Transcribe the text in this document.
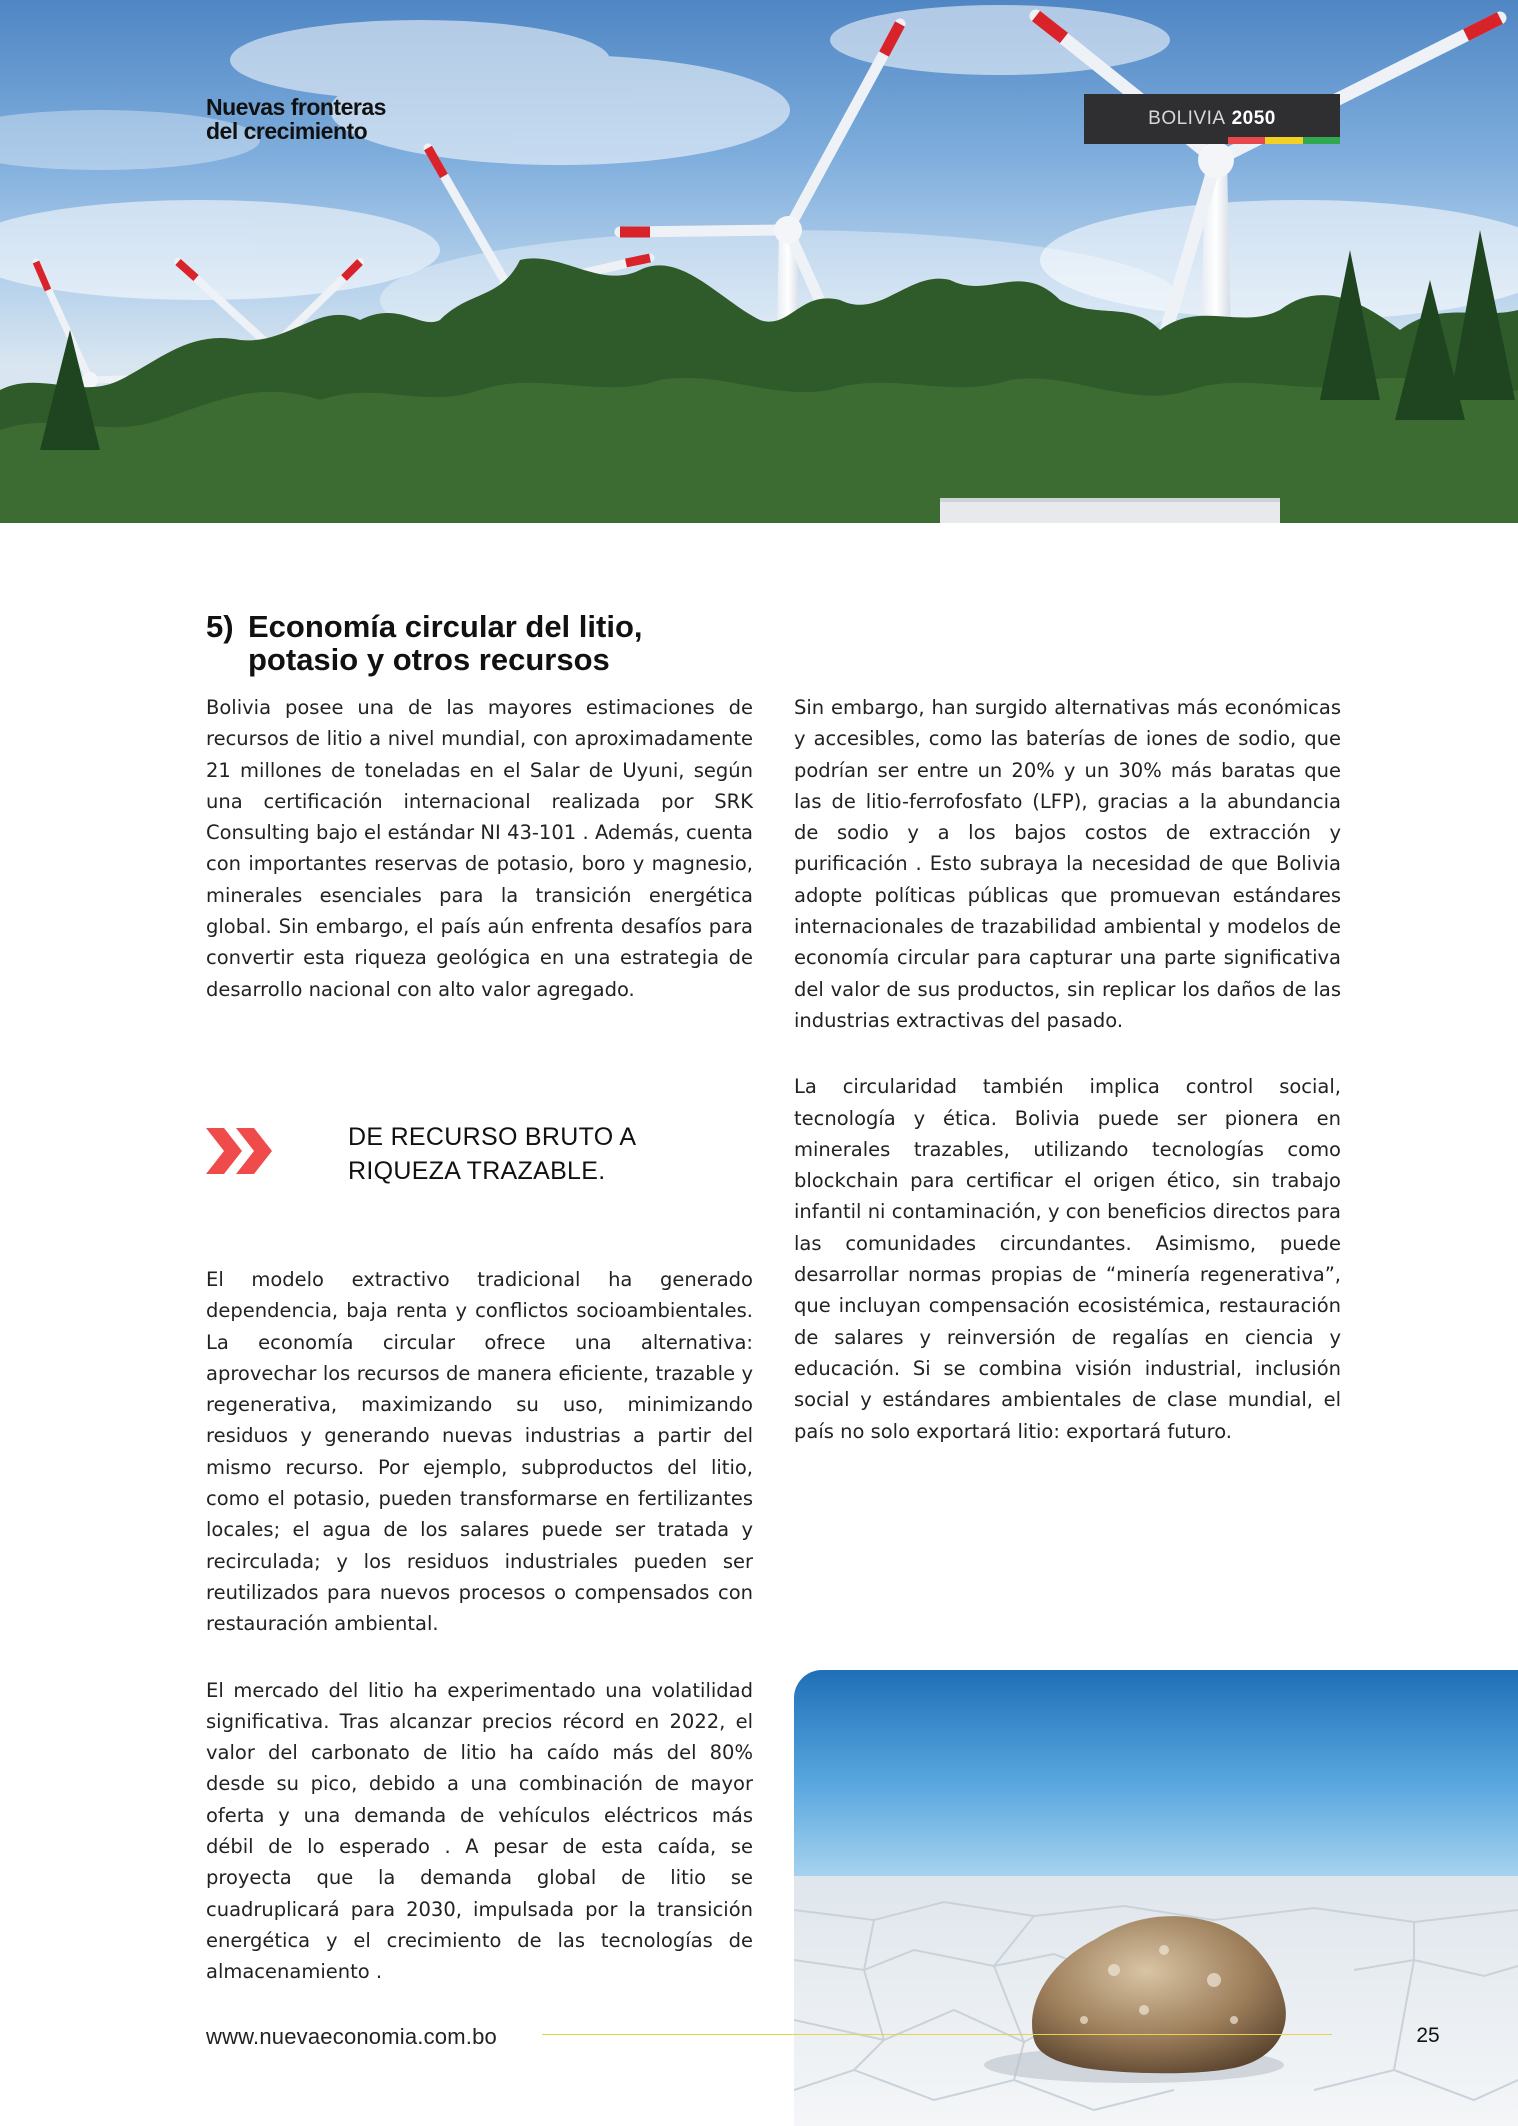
Nuevas fronteras
del crecimiento	BOLIVIA 2050
5) Economía circular del litio, potasio y otros recursos

Bolivia posee una de las mayores estimaciones de recursos de litio a nivel mundial, con aproximadamente 21 millones de toneladas en el Salar de Uyuni, según una certificación internacional realizada por SRK Consulting bajo el estándar NI 43-101 . Además, cuenta con importantes reservas de potasio, boro y magnesio, minerales esenciales para la transición energética global. Sin embargo, el país aún enfrenta desafíos para convertir esta riqueza geológica en una estrategia de desarrollo nacional con alto valor agregado.

DE RECURSO BRUTO A RIQUEZA TRAZABLE.

El modelo extractivo tradicional ha generado dependencia, baja renta y conflictos socioambientales. La economía circular ofrece una alternativa: aprovechar los recursos de manera eficiente, trazable y regenerativa, maximizando su uso, minimizando residuos y generando nuevas industrias a partir del mismo recurso. Por ejemplo, subproductos del litio, como el potasio, pueden transformarse en fertilizantes locales; el agua de los salares puede ser tratada y recirculada; y los residuos industriales pueden ser reutilizados para nuevos procesos o compensados con restauración ambiental.

El mercado del litio ha experimentado una volatilidad significativa. Tras alcanzar precios récord en 2022, el valor del carbonato de litio ha caído más del 80% desde su pico, debido a una combinación de mayor oferta y una demanda de vehículos eléctricos más débil de lo esperado . A pesar de esta caída, se proyecta que la demanda global de litio se cuadruplicará para 2030, impulsada por la transición energética y el crecimiento de las tecnologías de almacenamiento .

Sin embargo, han surgido alternativas más económicas y accesibles, como las baterías de iones de sodio, que podrían ser entre un 20% y un 30% más baratas que las de litio-ferrofosfato (LFP), gracias a la abundancia de sodio y a los bajos costos de extracción y purificación . Esto subraya la necesidad de que Bolivia adopte políticas públicas que promuevan estándares internacionales de trazabilidad ambiental y modelos de economía circular para capturar una parte significativa del valor de sus productos, sin replicar los daños de las industrias extractivas del pasado.

La circularidad también implica control social, tecnología y ética. Bolivia puede ser pionera en minerales trazables, utilizando tecnologías como blockchain para certificar el origen ético, sin trabajo infantil ni contaminación, y con beneficios directos para las comunidades circundantes. Asimismo, puede desarrollar normas propias de “minería regenerativa”, que incluyan compensación ecosistémica, restauración de salares y reinversión de regalías en ciencia y educación. Si se combina visión industrial, inclusión social y estándares ambientales de clase mundial, el país no solo exportará litio: exportará futuro.

www.nuevaeconomia.com.bo	25
